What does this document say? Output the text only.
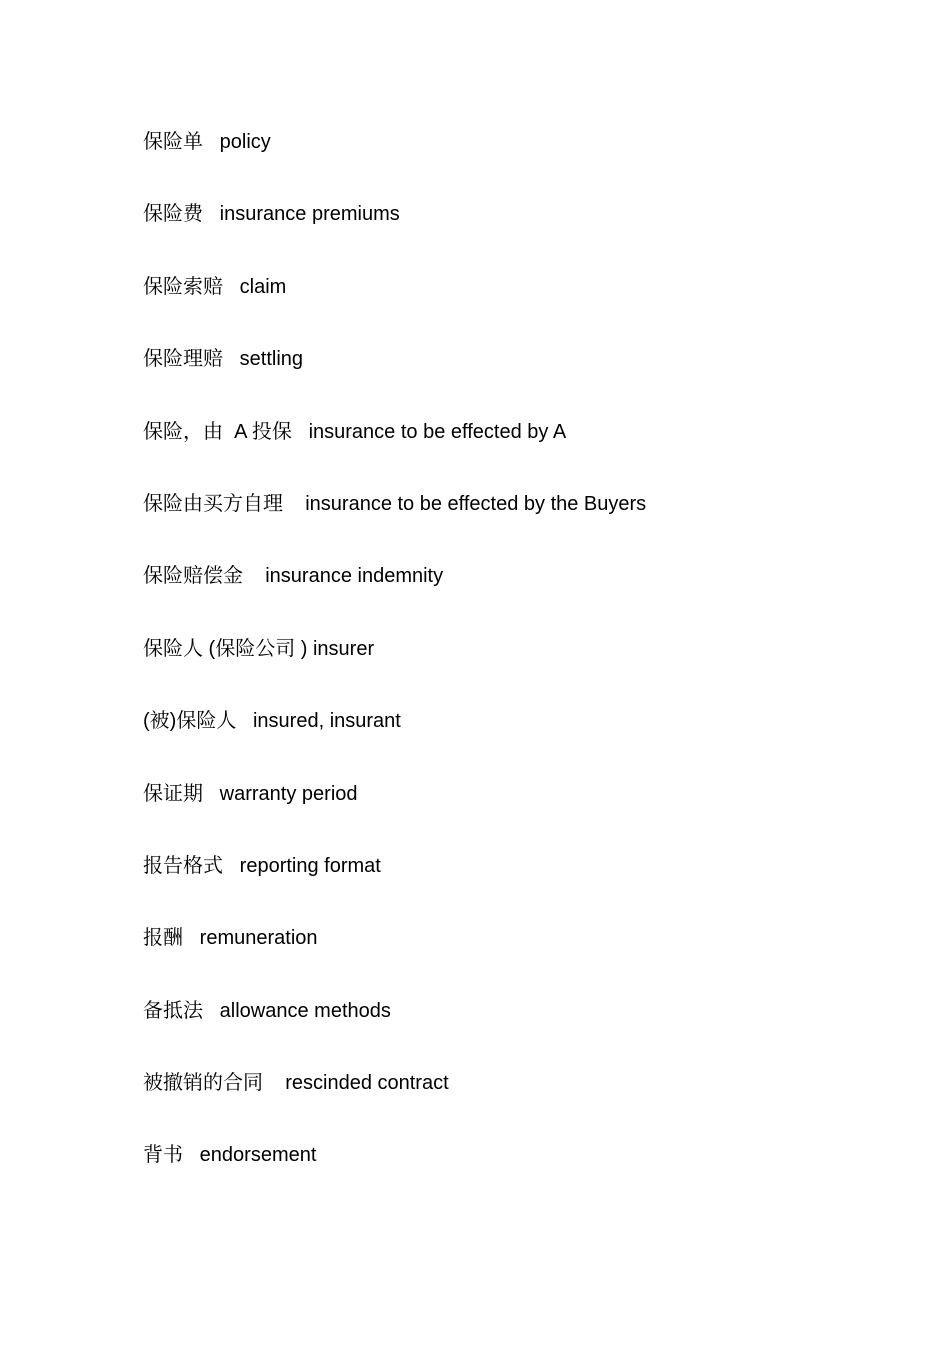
保险单   policy
保险费   insurance premiums
保险索赔   claim
保险理赔   settling
保险，由  A 投保   insurance to be effected by A
保险由买方自理    insurance to be effected by the Buyers
保险赔偿金    insurance indemnity
保险人 (保险公司 ) insurer
(被)保险人   insured, insurant
保证期   warranty period
报告格式   reporting format
报酬   remuneration
备抵法   allowance methods
被撤销的合同    rescinded contract
背书   endorsement
